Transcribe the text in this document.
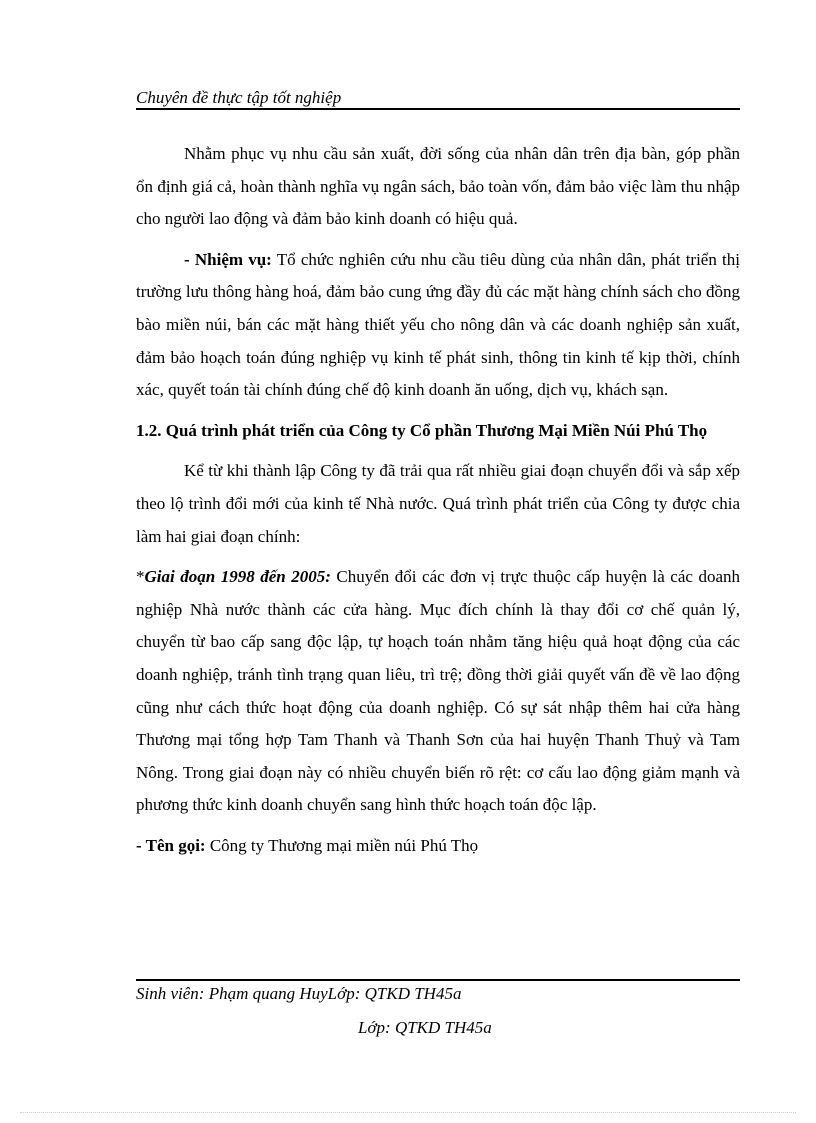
Chuyên đề thực tập tốt nghiệp

Nhằm phục vụ nhu cầu sản xuất, đời sống của nhân dân trên địa bàn, góp phần ổn định giá cả, hoàn thành nghĩa vụ ngân sách, bảo toàn vốn, đảm bảo việc làm thu nhập cho người lao động và đảm bảo kinh doanh có hiệu quả.

- Nhiệm vụ: Tổ chức nghiên cứu nhu cầu tiêu dùng của nhân dân, phát triển thị trường lưu thông hàng hoá, đảm bảo cung ứng đầy đủ các mặt hàng chính sách cho đồng bào miền núi, bán các mặt hàng thiết yếu cho nông dân và các doanh nghiệp sản xuất, đảm bảo hoạch toán đúng nghiệp vụ kinh tế phát sinh, thông tin kinh tế kịp thời, chính xác, quyết toán tài chính đúng chế độ kinh doanh ăn uống, dịch vụ, khách sạn.

1.2. Quá trình phát triển của Công ty Cổ phần Thương Mại Miền Núi Phú Thọ

Kể từ khi thành lập Công ty đã trải qua rất nhiều giai đoạn chuyển đổi và sắp xếp theo lộ trình đổi mới của kinh tế Nhà nước. Quá trình phát triển của Công ty được chia làm hai giai đoạn chính:

*Giai đoạn 1998 đến 2005: Chuyển đổi các đơn vị trực thuộc cấp huyện là các doanh nghiệp Nhà nước thành các cửa hàng. Mục đích chính là thay đổi cơ chế quản lý, chuyển từ bao cấp sang độc lập, tự hoạch toán nhằm tăng hiệu quả hoạt động của các doanh nghiệp, tránh tình trạng quan liêu, trì trệ; đồng thời giải quyết vấn đề về lao động cũng như cách thức hoạt động của doanh nghiệp. Có sự sát nhập thêm hai cửa hàng Thương mại tổng hợp Tam Thanh và Thanh Sơn của hai huyện Thanh Thuỷ và Tam Nông. Trong giai đoạn này có nhiều chuyển biến rõ rệt: cơ cấu lao động giảm mạnh và phương thức kinh doanh chuyển sang hình thức hoạch toán độc lập.

- Tên gọi: Công ty Thương mại miền núi Phú Thọ

Sinh viên: Phạm quang HuyLớp: QTKD TH45a
Lớp: QTKD TH45a
